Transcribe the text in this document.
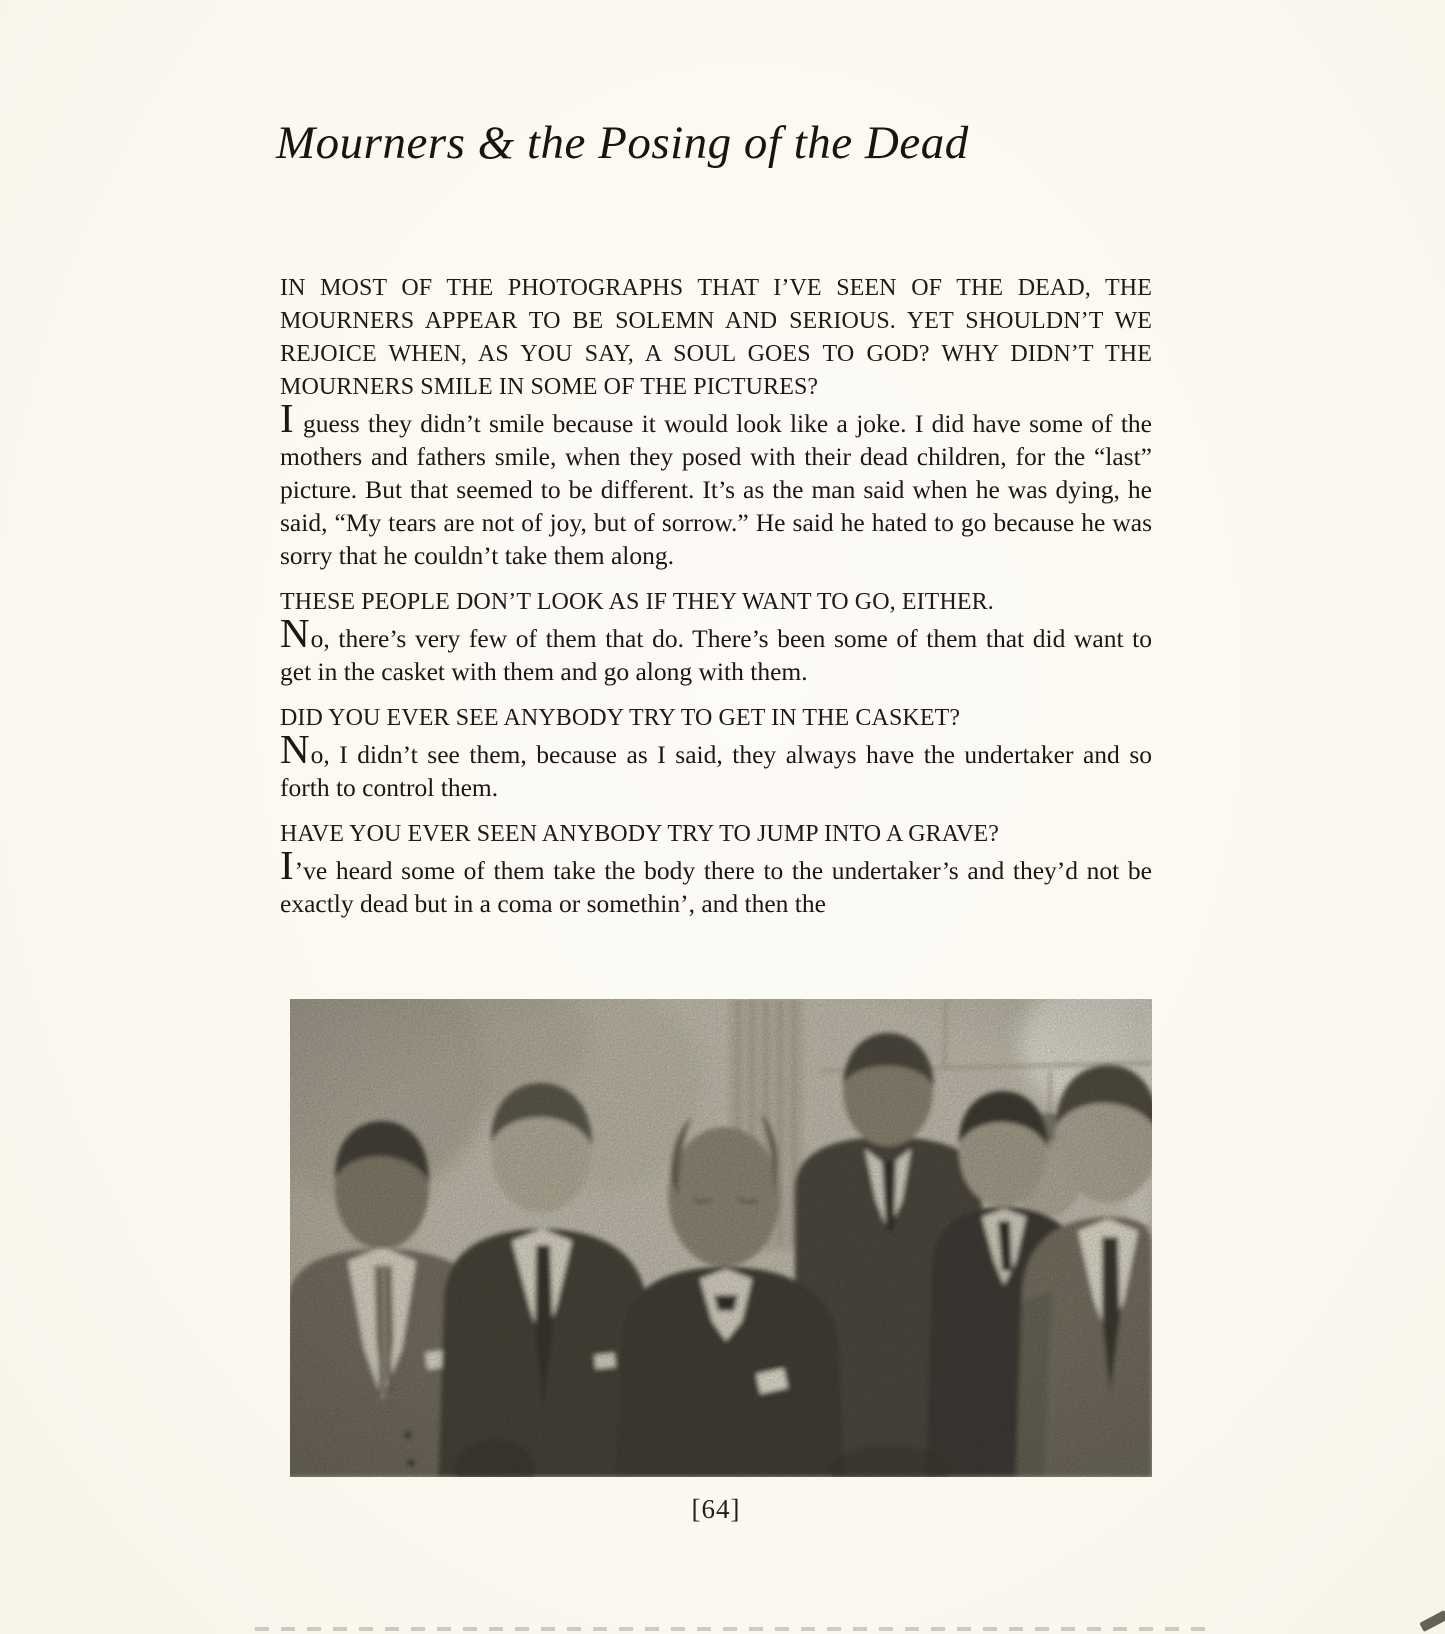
Mourners & the Posing of the Dead

IN MOST OF THE PHOTOGRAPHS THAT I’VE SEEN OF THE DEAD, THE MOURNERS APPEAR TO BE SOLEMN AND SERIOUS. YET SHOULDN’T WE REJOICE WHEN, AS YOU SAY, A SOUL GOES TO GOD? WHY DIDN’T THE MOURNERS SMILE IN SOME OF THE PICTURES?

I guess they didn’t smile because it would look like a joke. I did have some of the mothers and fathers smile, when they posed with their dead children, for the “last” picture. But that seemed to be different. It’s as the man said when he was dying, he said, “My tears are not of joy, but of sorrow.” He said he hated to go because he was sorry that he couldn’t take them along.

THESE PEOPLE DON’T LOOK AS IF THEY WANT TO GO, EITHER.

No, there’s very few of them that do. There’s been some of them that did want to get in the casket with them and go along with them.

DID YOU EVER SEE ANYBODY TRY TO GET IN THE CASKET?

No, I didn’t see them, because as I said, they always have the undertaker and so forth to control them.

HAVE YOU EVER SEEN ANYBODY TRY TO JUMP INTO A GRAVE?

I’ve heard some of them take the body there to the undertaker’s and they’d not be exactly dead but in a coma or somethin’, and then the

[64]
